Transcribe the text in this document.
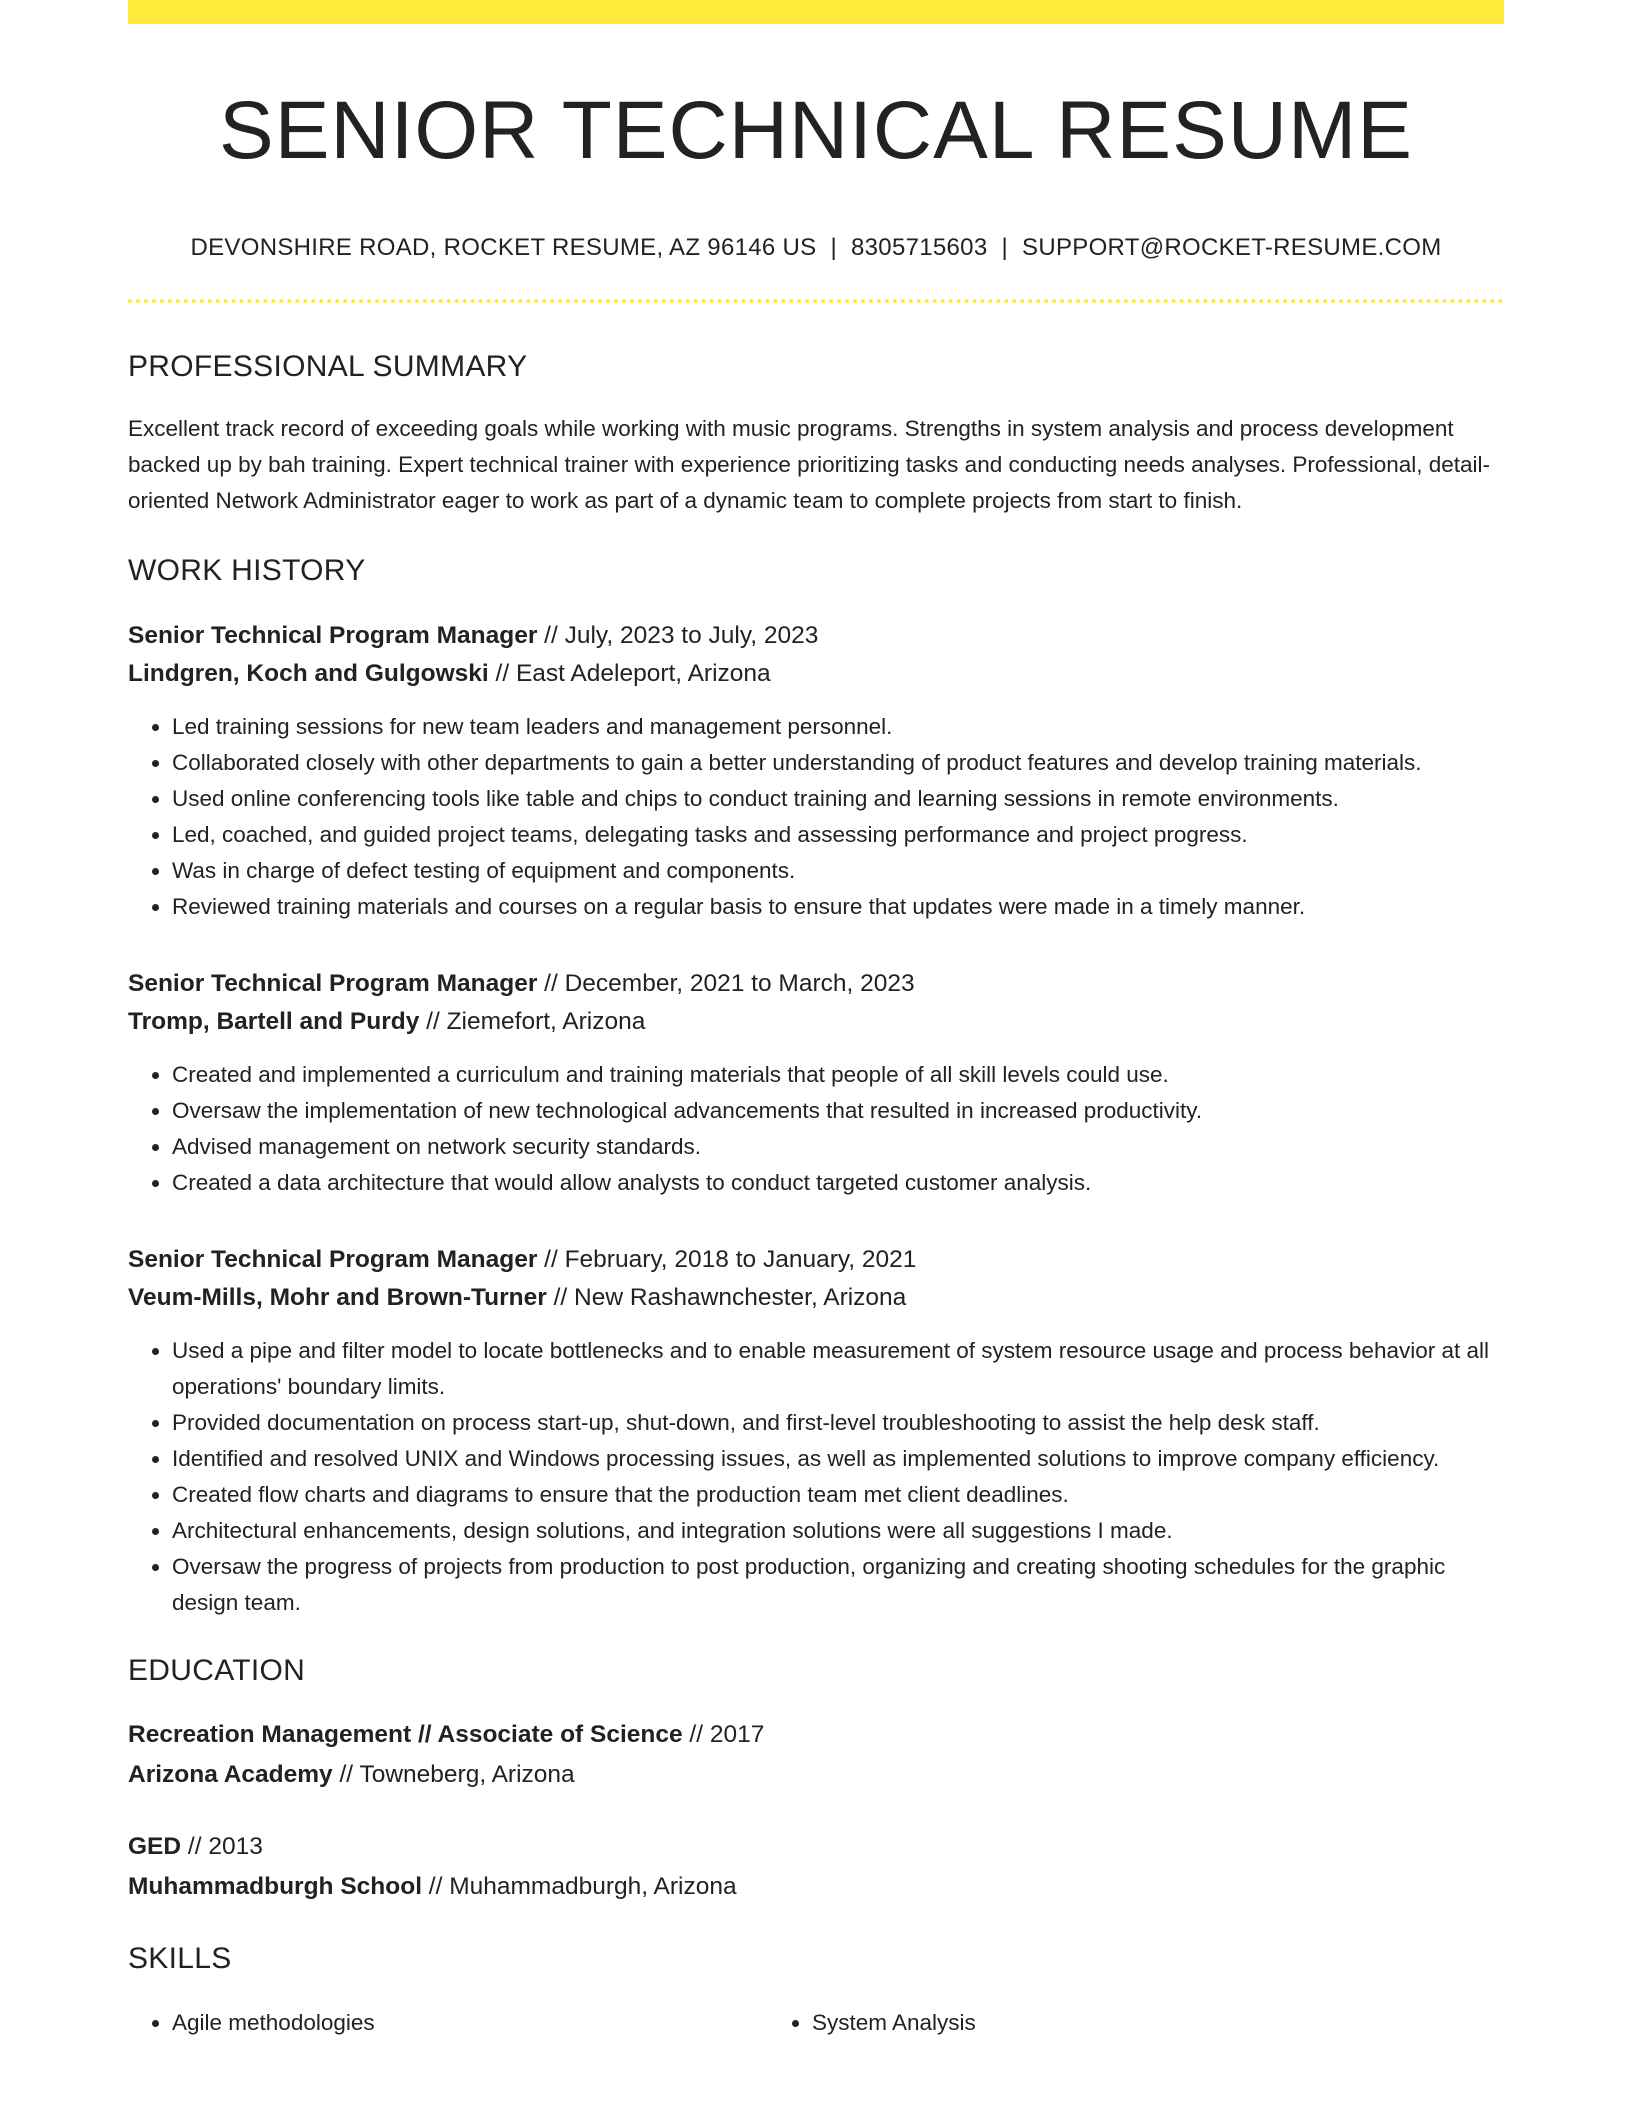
SENIOR TECHNICAL RESUME
DEVONSHIRE ROAD, ROCKET RESUME, AZ 96146 US | 8305715603 | SUPPORT@ROCKET-RESUME.COM
PROFESSIONAL SUMMARY

Excellent track record of exceeding goals while working with music programs. Strengths in system analysis and process development backed up by bah training. Expert technical trainer with experience prioritizing tasks and conducting needs analyses. Professional, detail-oriented Network Administrator eager to work as part of a dynamic team to complete projects from start to finish.

WORK HISTORY
Senior Technical Program Manager // July, 2023 to July, 2023
Lindgren, Koch and Gulgowski // East Adeleport, Arizona
• Led training sessions for new team leaders and management personnel.
• Collaborated closely with other departments to gain a better understanding of product features and develop training materials.
• Used online conferencing tools like table and chips to conduct training and learning sessions in remote environments.
• Led, coached, and guided project teams, delegating tasks and assessing performance and project progress.
• Was in charge of defect testing of equipment and components.
• Reviewed training materials and courses on a regular basis to ensure that updates were made in a timely manner.
Senior Technical Program Manager // December, 2021 to March, 2023
Tromp, Bartell and Purdy // Ziemefort, Arizona
• Created and implemented a curriculum and training materials that people of all skill levels could use.
• Oversaw the implementation of new technological advancements that resulted in increased productivity.
• Advised management on network security standards.
• Created a data architecture that would allow analysts to conduct targeted customer analysis.
Senior Technical Program Manager // February, 2018 to January, 2021
Veum-Mills, Mohr and Brown-Turner // New Rashawnchester, Arizona
• Used a pipe and filter model to locate bottlenecks and to enable measurement of system resource usage and process behavior at all operations' boundary limits.
• Provided documentation on process start-up, shut-down, and first-level troubleshooting to assist the help desk staff.
• Identified and resolved UNIX and Windows processing issues, as well as implemented solutions to improve company efficiency.
• Created flow charts and diagrams to ensure that the production team met client deadlines.
• Architectural enhancements, design solutions, and integration solutions were all suggestions I made.
• Oversaw the progress of projects from production to post production, organizing and creating shooting schedules for the graphic design team.
EDUCATION
Recreation Management // Associate of Science // 2017
Arizona Academy // Towneberg, Arizona
GED // 2013
Muhammadburgh School // Muhammadburgh, Arizona
SKILLS
• Agile methodologies
•	System Analysis
